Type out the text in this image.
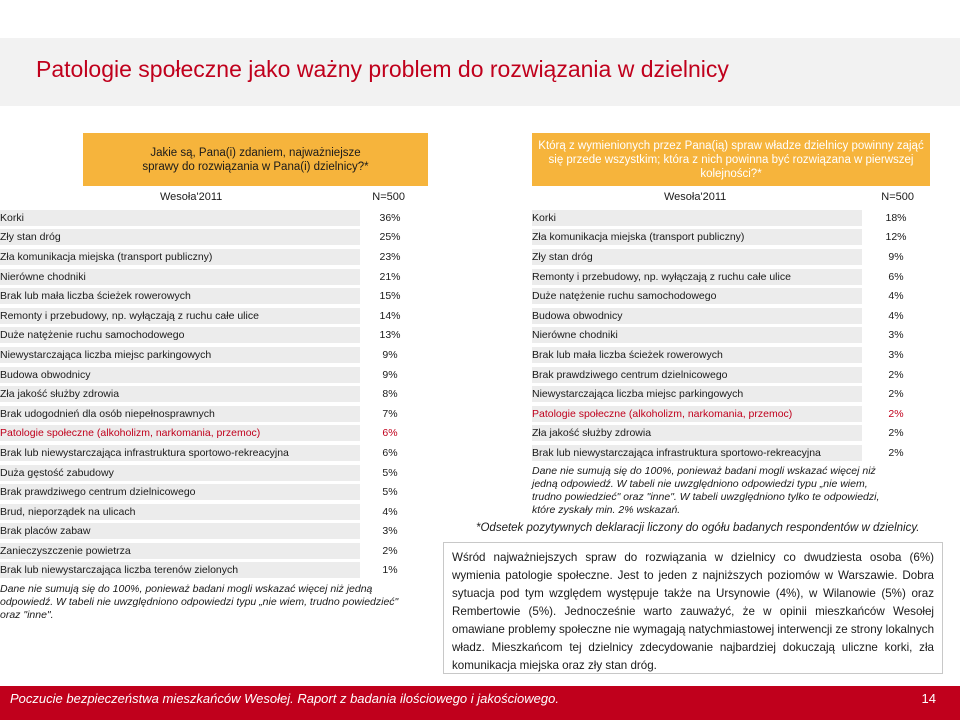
Patologie społeczne jako ważny problem do rozwiązania w dzielnicy
Jakie są, Pana(i) zdaniem, najważniejsze sprawy do rozwiązania w Pana(i) dzielnicy?*
Wesoła'2011	N=500
Korki	36%
Zły stan dróg	25%
Zła komunikacja miejska (transport publiczny)	23%
Nierówne chodniki	21%
Brak lub mała liczba ścieżek rowerowych	15%
Remonty i przebudowy, np. wyłączają z ruchu całe ulice	14%
Duże natężenie ruchu samochodowego	13%
Niewystarczająca liczba miejsc parkingowych	9%
Budowa obwodnicy	9%
Zła jakość służby zdrowia	8%
Brak udogodnień dla osób niepełnosprawnych	7%
Patologie społeczne (alkoholizm, narkomania, przemoc)	6%
Brak lub niewystarczająca infrastruktura sportowo-rekreacyjna	6%
Duża gęstość zabudowy	5%
Brak prawdziwego centrum dzielnicowego	5%
Brud, nieporządek na ulicach	4%
Brak placów zabaw	3%
Zanieczyszczenie powietrza	2%
Brak lub niewystarczająca liczba terenów zielonych	1%
Dane nie sumują się do 100%, ponieważ badani mogli wskazać więcej niż jedną odpowiedź. W tabeli nie uwzględniono odpowiedzi typu „nie wiem, trudno powiedzieć" oraz "inne".
Którą z wymienionych przez Pana(ią) spraw władze dzielnicy powinny zająć się przede wszystkim; która z nich powinna być rozwiązana w pierwszej kolejności?*
Wesoła'2011	N=500
Korki	18%
Zła komunikacja miejska (transport publiczny)	12%
Zły stan dróg	9%
Remonty i przebudowy, np. wyłączają z ruchu całe ulice	6%
Duże natężenie ruchu samochodowego	4%
Budowa obwodnicy	4%
Nierówne chodniki	3%
Brak lub mała liczba ścieżek rowerowych	3%
Brak prawdziwego centrum dzielnicowego	2%
Niewystarczająca liczba miejsc parkingowych	2%
Patologie społeczne (alkoholizm, narkomania, przemoc)	2%
Zła jakość służby zdrowia	2%
Brak lub niewystarczająca infrastruktura sportowo-rekreacyjna	2%
Dane nie sumują się do 100%, ponieważ badani mogli wskazać więcej niż jedną odpowiedź. W tabeli nie uwzględniono odpowiedzi typu „nie wiem, trudno powiedzieć" oraz "inne". W tabeli uwzględniono tylko te odpowiedzi, które zyskały min. 2% wskazań.
*Odsetek pozytywnych deklaracji liczony do ogółu badanych respondentów w dzielnicy.
Wśród najważniejszych spraw do rozwiązania w dzielnicy co dwudziesta osoba (6%) wymienia patologie społeczne. Jest to jeden z najniższych poziomów w Warszawie. Dobra sytuacja pod tym względem występuje także na Ursynowie (4%), w Wilanowie (5%) oraz Rembertowie (5%). Jednocześnie warto zauważyć, że w opinii mieszkańców Wesołej omawiane problemy społeczne nie wymagają natychmiastowej interwencji ze strony lokalnych władz. Mieszkańcom tej dzielnicy zdecydowanie najbardziej dokuczają uliczne korki, zła komunikacja miejska oraz zły stan dróg.
Poczucie bezpieczeństwa mieszkańców Wesołej. Raport z badania ilościowego i jakościowego.	14
